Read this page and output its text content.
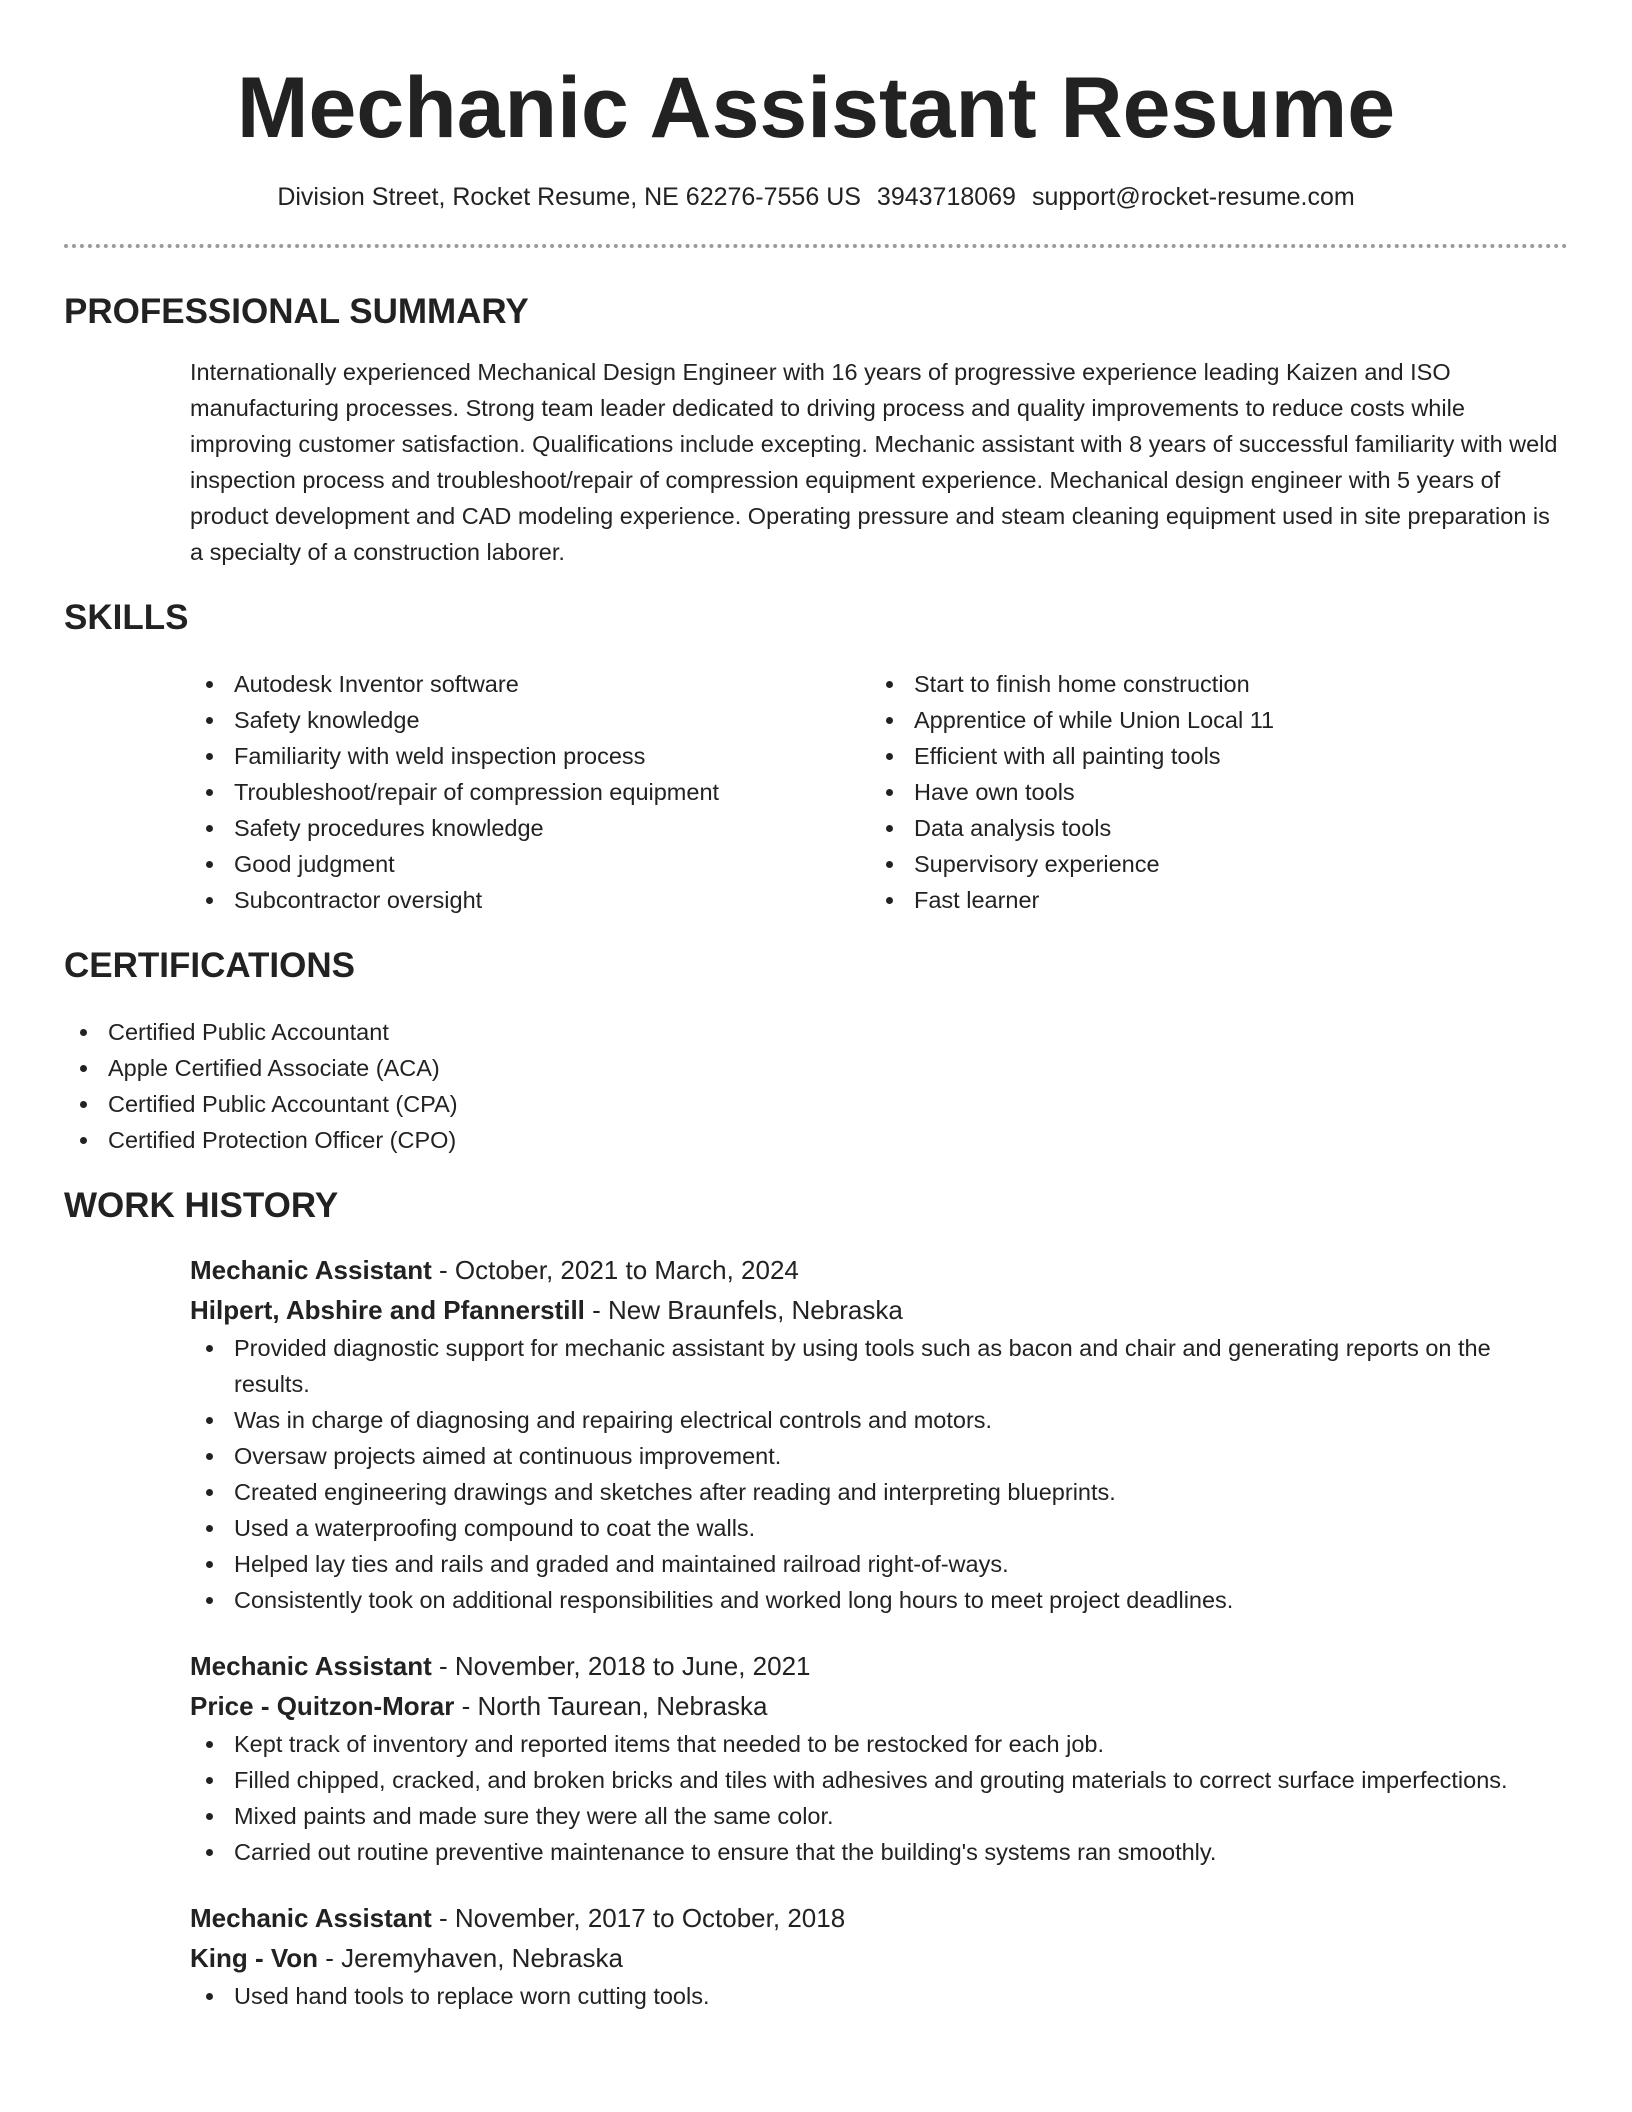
Mechanic Assistant Resume
Division Street, Rocket Resume, NE 62276-7556 US 3943718069 support@rocket-resume.com
PROFESSIONAL SUMMARY
Internationally experienced Mechanical Design Engineer with 16 years of progressive experience leading Kaizen and ISO manufacturing processes. Strong team leader dedicated to driving process and quality improvements to reduce costs while improving customer satisfaction. Qualifications include excepting. Mechanic assistant with 8 years of successful familiarity with weld inspection process and troubleshoot/repair of compression equipment experience. Mechanical design engineer with 5 years of product development and CAD modeling experience. Operating pressure and steam cleaning equipment used in site preparation is a specialty of a construction laborer.
SKILLS
Autodesk Inventor software
Safety knowledge
Familiarity with weld inspection process
Troubleshoot/repair of compression equipment
Safety procedures knowledge
Good judgment
Subcontractor oversight
Start to finish home construction
Apprentice of while Union Local 11
Efficient with all painting tools
Have own tools
Data analysis tools
Supervisory experience
Fast learner
CERTIFICATIONS
Certified Public Accountant
Apple Certified Associate (ACA)
Certified Public Accountant (CPA)
Certified Protection Officer (CPO)
WORK HISTORY
Mechanic Assistant - October, 2021 to March, 2024
Hilpert, Abshire and Pfannerstill - New Braunfels, Nebraska
Provided diagnostic support for mechanic assistant by using tools such as bacon and chair and generating reports on the results.
Was in charge of diagnosing and repairing electrical controls and motors.
Oversaw projects aimed at continuous improvement.
Created engineering drawings and sketches after reading and interpreting blueprints.
Used a waterproofing compound to coat the walls.
Helped lay ties and rails and graded and maintained railroad right-of-ways.
Consistently took on additional responsibilities and worked long hours to meet project deadlines.
Mechanic Assistant - November, 2018 to June, 2021
Price - Quitzon-Morar - North Taurean, Nebraska
Kept track of inventory and reported items that needed to be restocked for each job.
Filled chipped, cracked, and broken bricks and tiles with adhesives and grouting materials to correct surface imperfections.
Mixed paints and made sure they were all the same color.
Carried out routine preventive maintenance to ensure that the building's systems ran smoothly.
Mechanic Assistant - November, 2017 to October, 2018
King - Von - Jeremyhaven, Nebraska
Used hand tools to replace worn cutting tools.
